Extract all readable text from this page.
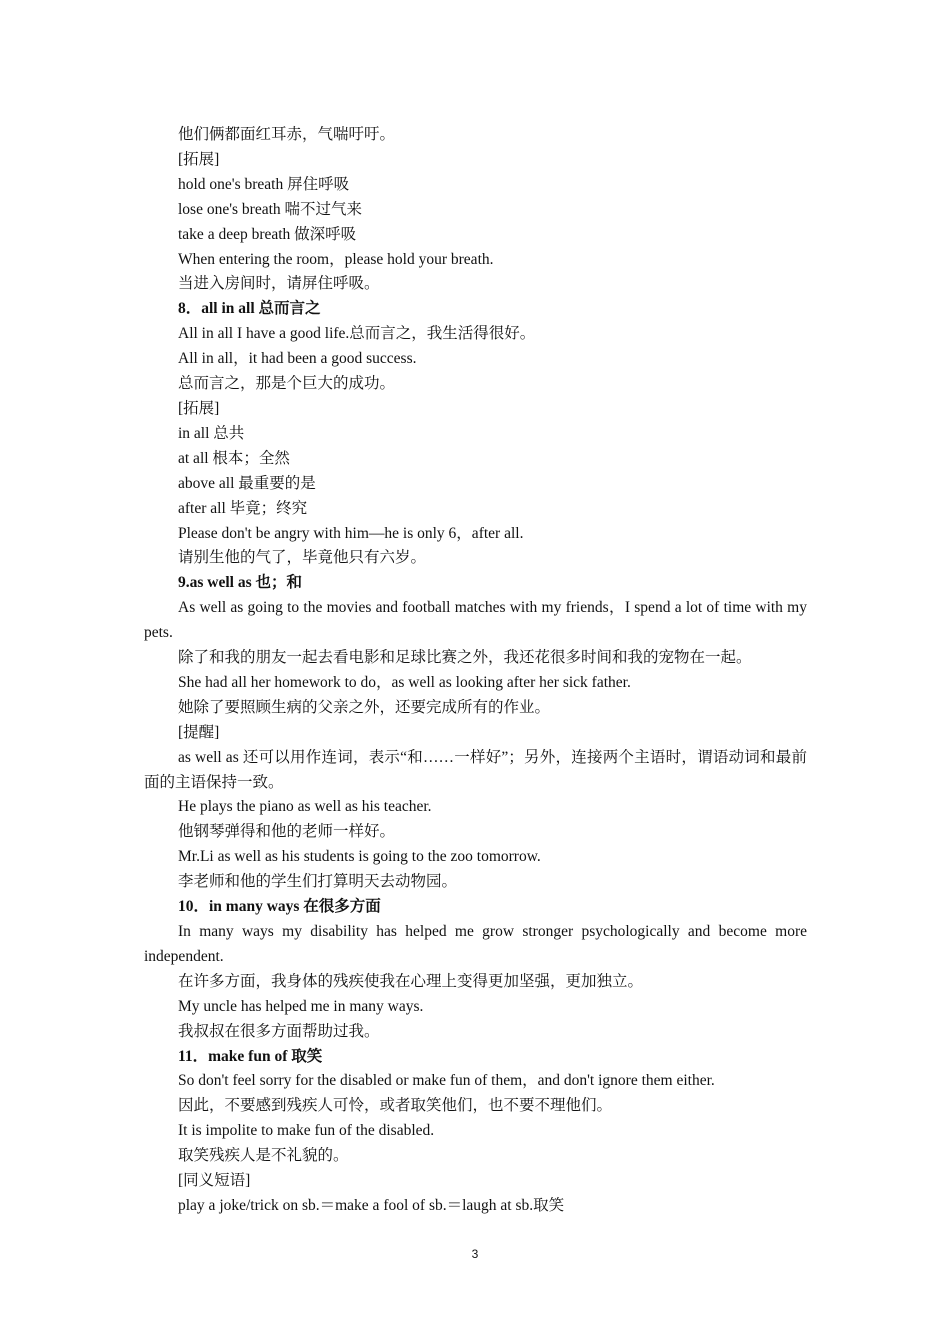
他们俩都面红耳赤，气喘吁吁。
[拓展]
hold one's breath 屏住呼吸
lose one's breath 喘不过气来
take a deep breath 做深呼吸
When entering the room，please hold your breath.
当进入房间时，请屏住呼吸。
8．all in all 总而言之
All in all I have a good life.总而言之，我生活得很好。
All in all，it had been a good success.
总而言之，那是个巨大的成功。
[拓展]
in all 总共
at all 根本；全然
above all 最重要的是
after all 毕竟；终究
Please don't be angry with him—he is only 6，after all.
请别生他的气了，毕竟他只有六岁。
9.as well as 也；和
As well as going to the movies and football matches with my friends，I spend a lot of time with my pets.
除了和我的朋友一起去看电影和足球比赛之外，我还花很多时间和我的宠物在一起。
She had all her homework to do，as well as looking after her sick father.
她除了要照顾生病的父亲之外，还要完成所有的作业。
[提醒]
as well as 还可以用作连词，表示“和……一样好”；另外，连接两个主语时，谓语动词和最前面的主语保持一致。
He plays the piano as well as his teacher.
他钢琴弹得和他的老师一样好。
Mr.Li as well as his students is going to the zoo tomorrow.
李老师和他的学生们打算明天去动物园。
10．in many ways 在很多方面
In many ways my disability has helped me grow stronger psychologically and become more independent.
在许多方面，我身体的残疾使我在心理上变得更加坚强，更加独立。
My uncle has helped me in many ways.
我叔叔在很多方面帮助过我。
11．make fun of 取笑
So don't feel sorry for the disabled or make fun of them，and don't ignore them either.
因此，不要感到残疾人可怜，或者取笑他们，也不要不理他们。
It is impolite to make fun of the disabled.
取笑残疾人是不礼貌的。
[同义短语]
play a joke/trick on sb.＝make a fool of sb.＝laugh at sb.取笑
3
